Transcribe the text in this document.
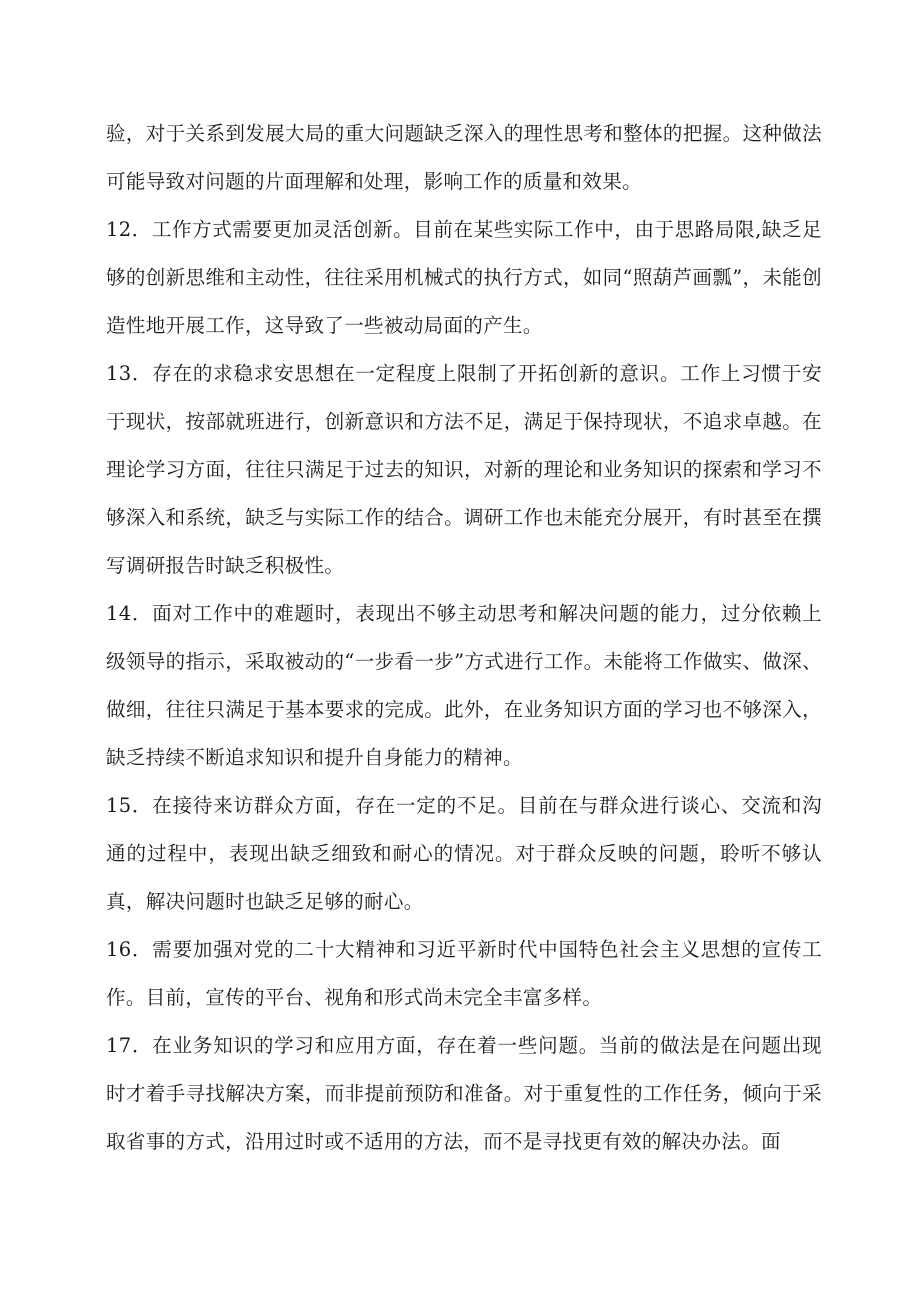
验，对于关系到发展大局的重大问题缺乏深入的理性思考和整体的把握。这种做法可能导致对问题的片面理解和处理，影响工作的质量和效果。

12．工作方式需要更加灵活创新。目前在某些实际工作中，由于思路局限,缺乏足够的创新思维和主动性，往往采用机械式的执行方式，如同“照葫芦画瓢”，未能创造性地开展工作，这导致了一些被动局面的产生。

13．存在的求稳求安思想在一定程度上限制了开拓创新的意识。工作上习惯于安于现状，按部就班进行，创新意识和方法不足，满足于保持现状，不追求卓越。在理论学习方面，往往只满足于过去的知识，对新的理论和业务知识的探索和学习不够深入和系统，缺乏与实际工作的结合。调研工作也未能充分展开，有时甚至在撰写调研报告时缺乏积极性。

14．面对工作中的难题时，表现出不够主动思考和解决问题的能力，过分依赖上级领导的指示，采取被动的“一步看一步”方式进行工作。未能将工作做实、做深、做细，往往只满足于基本要求的完成。此外，在业务知识方面的学习也不够深入，缺乏持续不断追求知识和提升自身能力的精神。

15．在接待来访群众方面，存在一定的不足。目前在与群众进行谈心、交流和沟通的过程中，表现出缺乏细致和耐心的情况。对于群众反映的问题，聆听不够认真，解决问题时也缺乏足够的耐心。

16．需要加强对党的二十大精神和习近平新时代中国特色社会主义思想的宣传工作。目前，宣传的平台、视角和形式尚未完全丰富多样。

17．在业务知识的学习和应用方面，存在着一些问题。当前的做法是在问题出现时才着手寻找解决方案，而非提前预防和准备。对于重复性的工作任务，倾向于采取省事的方式，沿用过时或不适用的方法，而不是寻找更有效的解决办法。面
